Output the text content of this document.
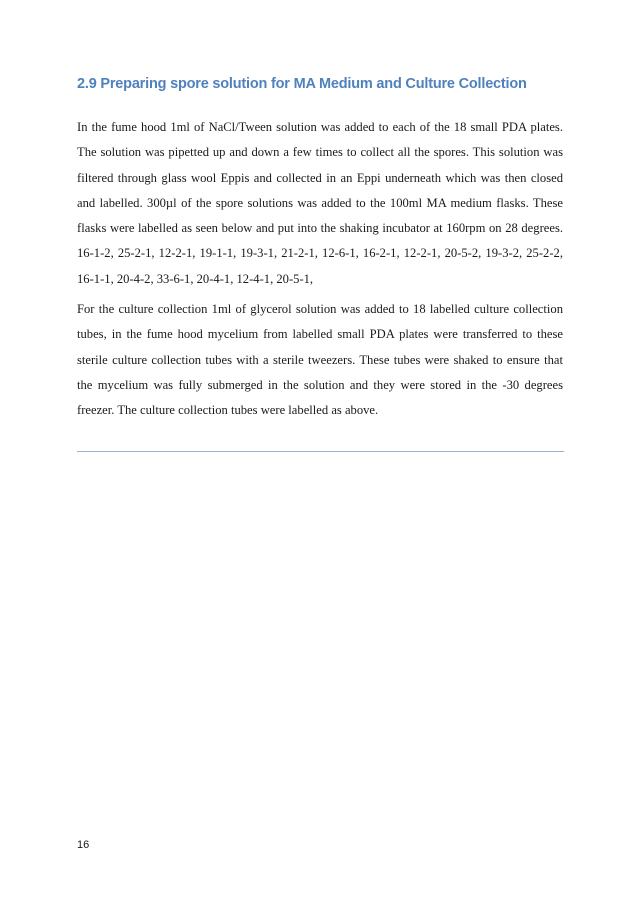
2.9 Preparing spore solution for MA Medium and Culture Collection
In the fume hood 1ml of NaCl/Tween solution was added to each of the 18 small PDA plates. The solution was pipetted up and down a few times to collect all the spores. This solution was filtered through glass wool Eppis and collected in an Eppi underneath which was then closed and labelled. 300µl of the spore solutions was added to the 100ml MA medium flasks. These flasks were labelled as seen below and put into the shaking incubator at 160rpm on 28 degrees. 16-1-2, 25-2-1, 12-2-1, 19-1-1, 19-3-1, 21-2-1, 12-6-1, 16-2-1, 12-2-1, 20-5-2, 19-3-2, 25-2-2, 16-1-1, 20-4-2, 33-6-1, 20-4-1, 12-4-1, 20-5-1,
For the culture collection 1ml of glycerol solution was added to 18 labelled culture collection tubes, in the fume hood mycelium from labelled small PDA plates were transferred to these sterile culture collection tubes with a sterile tweezers. These tubes were shaked to ensure that the mycelium was fully submerged in the solution and they were stored in the -30 degrees freezer. The culture collection tubes were labelled as above.
16
